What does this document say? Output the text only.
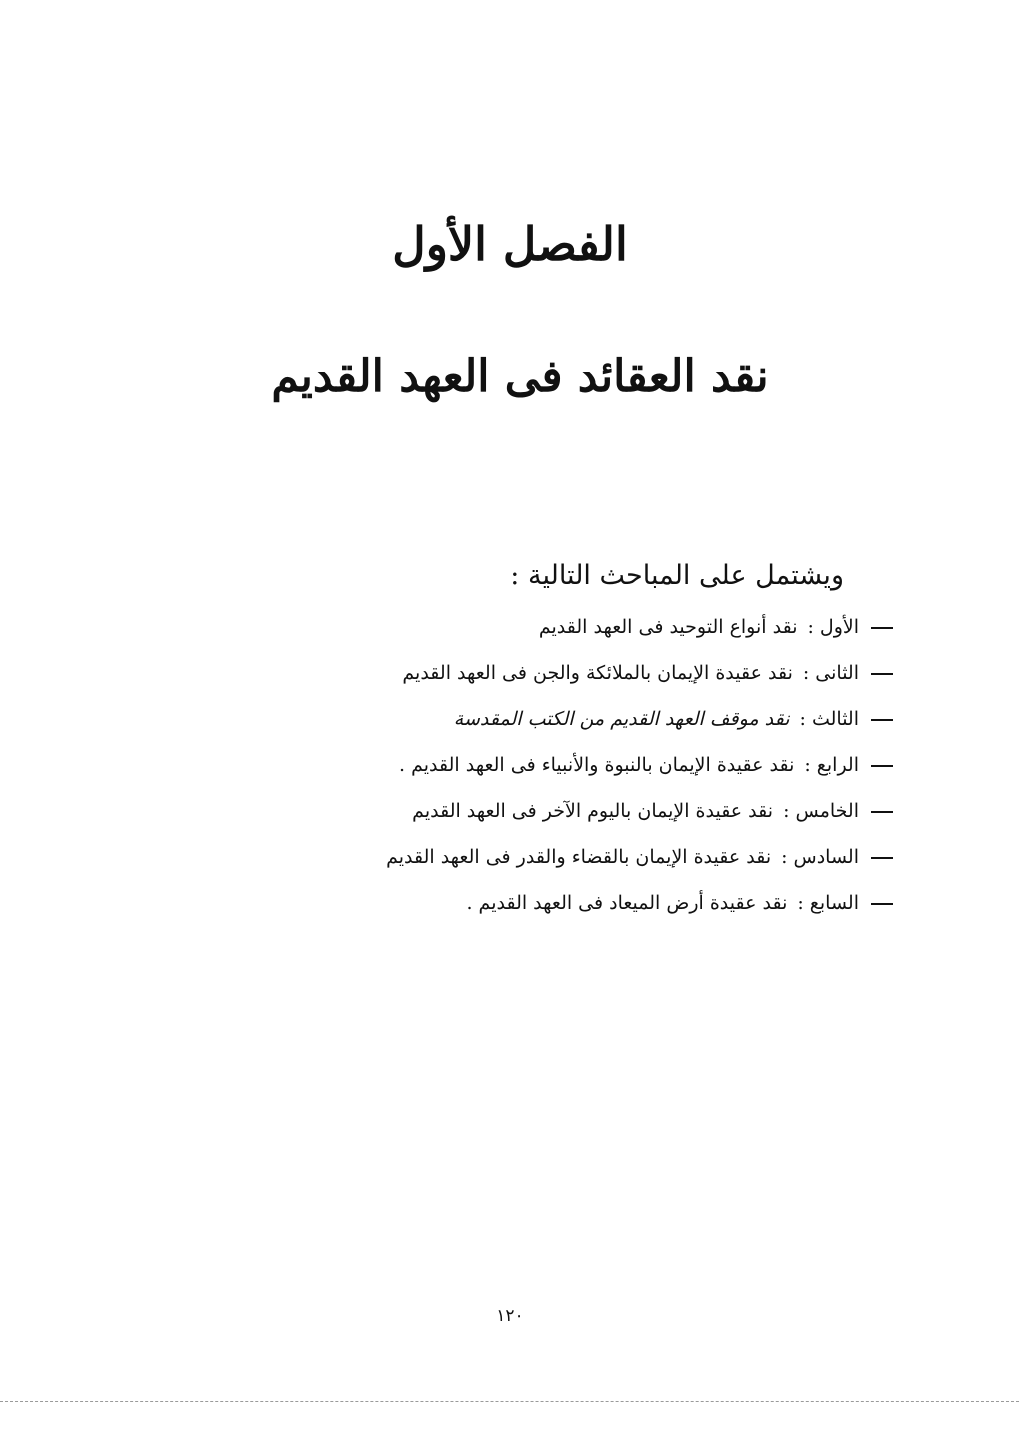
الفصل الأول
نقد العقائد فى العهد القديم
ويشتمل على المباحث التالية :
الأول:نقد أنواع التوحيد فى العهد القديم
الثانى:نقد عقيدة الإيمان بالملائكة والجن فى العهد القديم
الثالث:نقد موقف العهد القديم من الكتب المقدسة
الرابع:نقد عقيدة الإيمان بالنبوة والأنبياء فى العهد القديم .
الخامس:نقد عقيدة الإيمان باليوم الآخر فى العهد القديم
السادس:نقد عقيدة الإيمان بالقضاء والقدر فى العهد القديم
السابع:نقد عقيدة أرض الميعاد فى العهد القديم .
١٢٠
